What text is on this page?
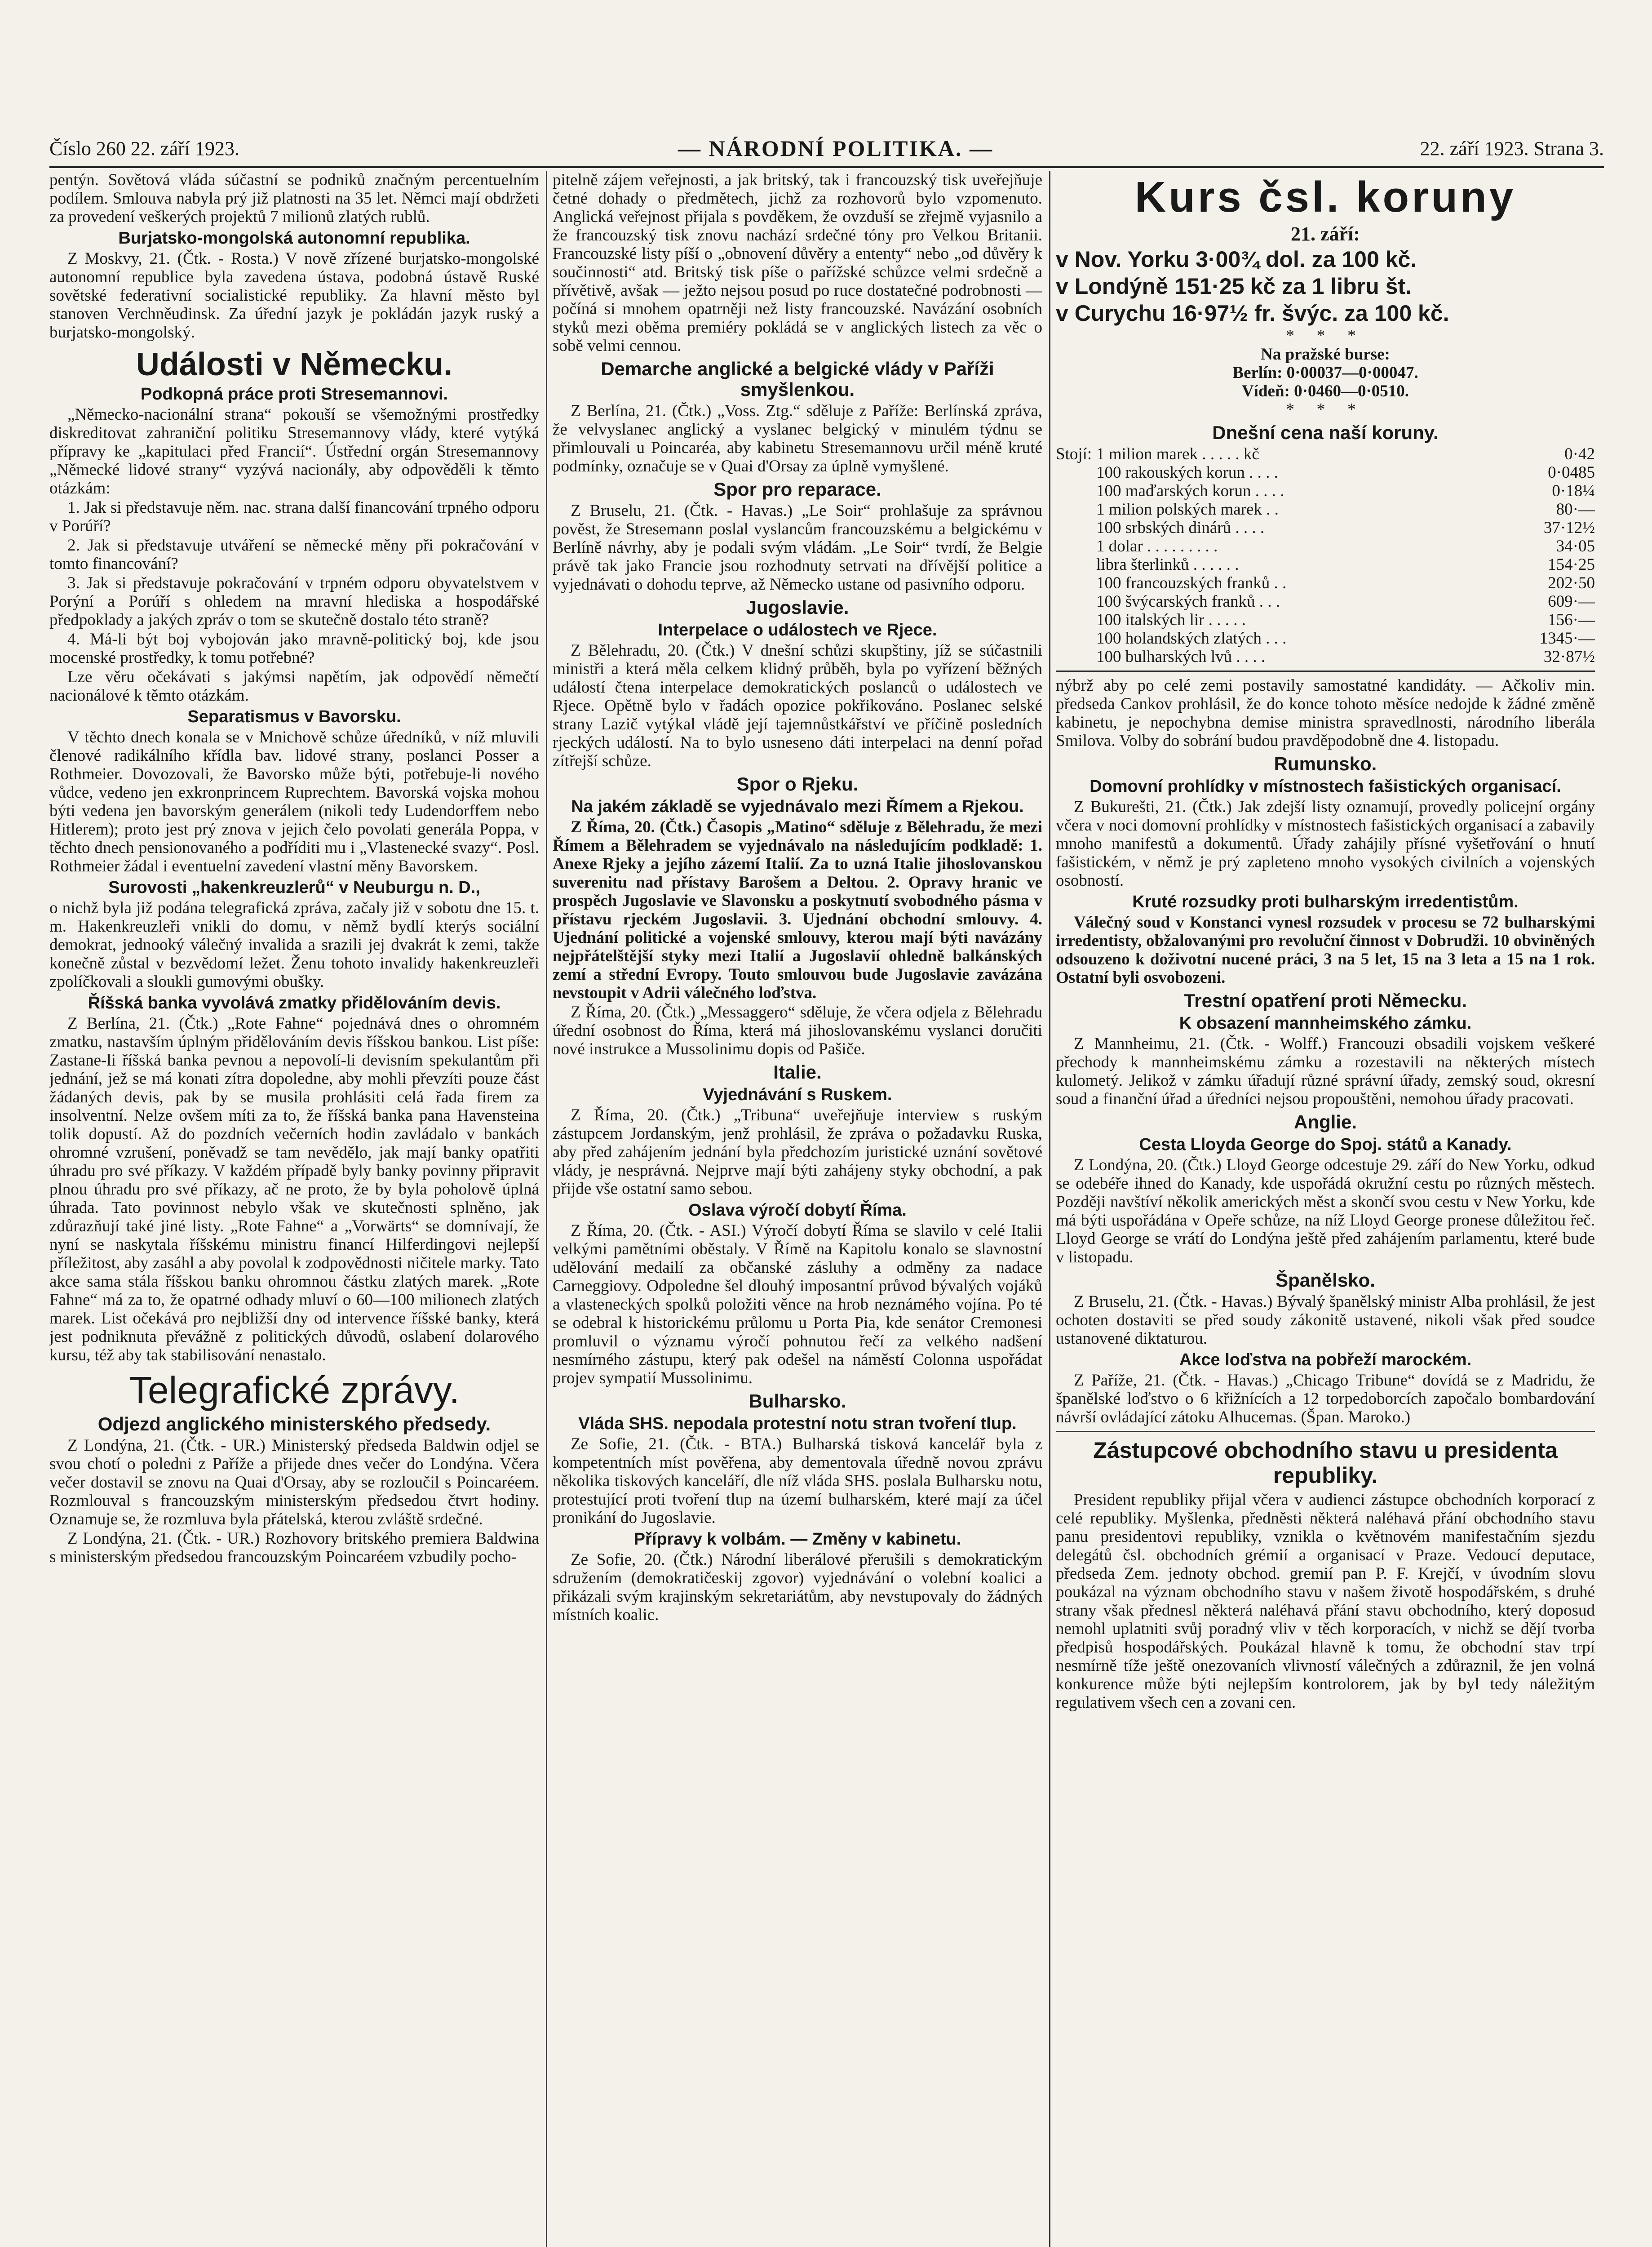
Číslo 260 22. září 1923.	— NÁRODNÍ POLITIKA. —	22. září 1923. Strana 3.

pentýn. Sovětová vláda súčastní se podniků značným percentuelním podílem. Smlouva nabyla prý již platnosti na 35 let. Němci mají obdržeti za provedení veškerých projektů 7 milionů zlatých rublů.

Burjatsko-mongolská autonomní republika.

Z Moskvy, 21. (Čtk. - Rosta.) V nově zřízené burjatsko-mongolské autonomní republice byla zavedena ústava, podobná ústavě Ruské sovětské federativní socialistické republiky. Za hlavní město byl stanoven Verchněudinsk. Za úřední jazyk je pokládán jazyk ruský a burjatsko-mongolský.

Události v Německu.
Podkopná práce proti Stresemannovi.

„Německo-nacionální strana“ pokouší se všemožnými prostředky diskreditovat zahraniční politiku Stresemannovy vlády, které vytýká přípravy ke „kapitulaci před Francií“. Ústřední orgán Stresemannovy „Německé lidové strany“ vyzývá nacionály, aby odpověděli k těmto otázkám:

1. Jak si představuje něm. nac. strana další financování trpného odporu v Porúří?

2. Jak si představuje utváření se německé měny při pokračování v tomto financování?

3. Jak si představuje pokračování v trpném odporu obyvatelstvem v Porýní a Porúří s ohledem na mravní hlediska a hospodářské předpoklady a jakých zpráv o tom se skutečně dostalo této straně?

4. Má-li být boj vybojován jako mravně-politický boj, kde jsou mocenské prostředky, k tomu potřebné?

Lze věru očekávati s jakýmsi napětím, jak odpovědí němečtí nacionálové k těmto otázkám.

Separatismus v Bavorsku.

V těchto dnech konala se v Mnichově schůze úředníků, v níž mluvili členové radikálního křídla bav. lidové strany, poslanci Posser a Rothmeier. Dovozovali, že Bavorsko může býti, potřebuje-li nového vůdce, vedeno jen exkronprincem Ruprechtem. Bavorská vojska mohou býti vedena jen bavorským generálem (nikoli tedy Ludendorffem nebo Hitlerem); proto jest prý znova v jejich čelo povolati generála Poppa, v těchto dnech pensionovaného a podříditi mu i „Vlastenecké svazy“. Posl. Rothmeier žádal i eventuelní zavedení vlastní měny Bavorskem.

Surovosti „hakenkreuzlerů“ v Neuburgu n. D.,

o nichž byla již podána telegrafická zpráva, začaly již v sobotu dne 15. t. m. Hakenkreuzleři vnikli do domu, v němž bydlí kterýs sociální demokrat, jednooký válečný invalida a srazili jej dvakrát k zemi, takže konečně zůstal v bezvědomí ležet. Ženu tohoto invalidy hakenkreuzleři zpolíčkovali a sloukli gumovými obušky.

Říšská banka vyvolává zmatky přidělováním devis.

Z Berlína, 21. (Čtk.) „Rote Fahne“ pojednává dnes o ohromném zmatku, nastavším úplným přidělováním devis říšskou bankou. List píše: Zastane-li říšská banka pevnou a nepovolí-li devisním spekulantům při jednání, jež se má konati zítra dopoledne, aby mohli převzíti pouze část žádaných devis, pak by se musila prohlásiti celá řada firem za insolventní. Nelze ovšem míti za to, že říšská banka pana Havensteina tolik dopustí. Až do pozdních večerních hodin zavládalo v bankách ohromné vzrušení, poněvadž se tam nevědělo, jak mají banky opatřiti úhradu pro své příkazy. V každém případě byly banky povinny připravit plnou úhradu pro své příkazy, ač ne proto, že by byla poholově úplná úhrada. Tato povinnost nebylo však ve skutečnosti splněno, jak zdůrazňují také jiné listy. „Rote Fahne“ a „Vorwärts“ se domnívají, že nyní se naskytala říšskému ministru financí Hilferdingovi nejlepší příležitost, aby zasáhl a aby povolal k zodpovědnosti ničitele marky. Tato akce sama stála říšskou banku ohromnou částku zlatých marek. „Rote Fahne“ má za to, že opatrné odhady mluví o 60—100 milionech zlatých marek. List očekává pro nejbližší dny od intervence říšské banky, která jest podniknuta převážně z politických důvodů, oslabení dolarového kursu, též aby tak stabilisování nenastalo.

Telegrafické zprávy.
Odjezd anglického ministerského předsedy.

Z Londýna, 21. (Čtk. - UR.) Ministerský předseda Baldwin odjel se svou chotí o poledni z Paříže a přijede dnes večer do Londýna. Včera večer dostavil se znovu na Quai d'Orsay, aby se rozloučil s Poincaréem. Rozmlouval s francouzským ministerským předsedou čtvrt hodiny. Oznamuje se, že rozmluva byla přátelská, kterou zvláště srdečné.

Z Londýna, 21. (Čtk. - UR.) Rozhovory britského premiera Baldwina s ministerským předsedou francouzským Poincaréem vzbudily pocho-

pitelně zájem veřejnosti, a jak britský, tak i francouzský tisk uveřejňuje četné dohady o předmětech, jichž za rozhovorů bylo vzpomenuto. Anglická veřejnost přijala s povděkem, že ovzduší se zřejmě vyjasnilo a že francouzský tisk znovu nachází srdečné tóny pro Velkou Britanii. Francouzské listy píší o „obnovení důvěry a ententy“ nebo „od důvěry k součinnosti“ atd. Britský tisk píše o pařížské schůzce velmi srdečně a přívětivě, avšak — ježto nejsou posud po ruce dostatečné podrobnosti — počíná si mnohem opatrněji než listy francouzské. Navázání osobních styků mezi oběma premiéry pokládá se v anglických listech za věc o sobě velmi cennou.

Demarche anglické a belgické vlády v Paříži smyšlenkou.

Z Berlína, 21. (Čtk.) „Voss. Ztg.“ sděluje z Paříže: Berlínská zpráva, že velvyslanec anglický a vyslanec belgický v minulém týdnu se přimlouvali u Poincaréa, aby kabinetu Stresemannovu určil méně kruté podmínky, označuje se v Quai d'Orsay za úplně vymyšlené.

Spor pro reparace.

Z Bruselu, 21. (Čtk. - Havas.) „Le Soir“ prohlašuje za správnou pověst, že Stresemann poslal vyslancům francouzskému a belgickému v Berlíně návrhy, aby je podali svým vládám. „Le Soir“ tvrdí, že Belgie právě tak jako Francie jsou rozhodnuty setrvati na dřívější politice a vyjednávati o dohodu teprve, až Německo ustane od pasivního odporu.

Jugoslavie.
Interpelace o událostech ve Rjece.

Z Bělehradu, 20. (Čtk.) V dnešní schůzi skupštiny, jíž se súčastnili ministři a která měla celkem klidný průběh, byla po vyřízení běžných událostí čtena interpelace demokratických poslanců o událostech ve Rjece. Opětně bylo v řadách opozice pokřikováno. Poslanec selské strany Lazič vytýkal vládě její tajemnůstkářství ve příčině posledních rjeckých událostí. Na to bylo usneseno dáti interpelaci na denní pořad zítřejší schůze.

Spor o Rjeku.
Na jakém základě se vyjednávalo mezi Římem a Rjekou.

Z Říma, 20. (Čtk.) Časopis „Matino“ sděluje z Bělehradu, že mezi Římem a Bělehradem se vyjednávalo na následujícím podkladě: 1. Anexe Rjeky a jejího zázemí Italií. Za to uzná Italie jihoslovanskou suverenitu nad přístavy Barošem a Deltou. 2. Opravy hranic ve prospěch Jugoslavie ve Slavonsku a poskytnutí svobodného pásma v přístavu rjeckém Jugoslavii. 3. Ujednání obchodní smlouvy. 4. Ujednání politické a vojenské smlouvy, kterou mají býti navázány nejpřátelštější styky mezi Italií a Jugoslavií ohledně balkánských zemí a střední Evropy. Touto smlouvou bude Jugoslavie zavázána nevstoupit v Adrii válečného loďstva.

Z Říma, 20. (Čtk.) „Messaggero“ sděluje, že včera odjela z Bělehradu úřední osobnost do Říma, která má jihoslovanskému vyslanci doručiti nové instrukce a Mussolinimu dopis od Pašiče.

Italie.
Vyjednávání s Ruskem.

Z Říma, 20. (Čtk.) „Tribuna“ uveřejňuje interview s ruským zástupcem Jordanským, jenž prohlásil, že zpráva o požadavku Ruska, aby před zahájením jednání byla předchozím juristické uznání sovětové vlády, je nesprávná. Nejprve mají býti zahájeny styky obchodní, a pak přijde vše ostatní samo sebou.

Oslava výročí dobytí Říma.

Z Říma, 20. (Čtk. - ASI.) Výročí dobytí Říma se slavilo v celé Italii velkými pamětními oběstaly. V Římě na Kapitolu konalo se slavnostní udělování medailí za občanské zásluhy a odměny za nadace Carneggiovy. Odpoledne šel dlouhý imposantní průvod bývalých vojáků a vlasteneckých spolků položiti věnce na hrob neznámého vojína. Po té se odebral k historickému průlomu u Porta Pia, kde senátor Cremonesi promluvil o významu výročí pohnutou řečí za velkého nadšení nesmírného zástupu, který pak odešel na náměstí Colonna uspořádat projev sympatií Mussolinimu.

Bulharsko.
Vláda SHS. nepodala protestní notu stran tvoření tlup.

Ze Sofie, 21. (Čtk. - BTA.) Bulharská tisková kancelář byla z kompetentních míst pověřena, aby dementovala úředně novou zprávu několika tiskových kanceláří, dle níž vláda SHS. poslala Bulharsku notu, protestující proti tvoření tlup na území bulharském, které mají za účel pronikání do Jugoslavie.

Přípravy k volbám. — Změny v kabinetu.

Ze Sofie, 20. (Čtk.) Národní liberálové přerušili s demokratickým sdružením (demokratičeskij zgovor) vyjednávání o volební koalici a přikázali svým krajinským sekretariátům, aby nevstupovaly do žádných místních koalic.

Kurs čsl. koruny
21. září:
v Nov. Yorku 3·00¾ dol. za 100 kč.
v Londýně 151·25 kč za 1 libru št.
v Curychu 16·97½ fr. švýc. za 100 kč.
* * *
Na pražské burse:
Berlín: 0·00037—0·00047.
Vídeň: 0·0460—0·0510.
* * *
Dnešní cena naší koruny.
Stojí:	1 milion marek . . . . . kč	0·42
	100 rakouských korun . . . .	0·0485
	100 maďarských korun . . . .	0·18¼
	1 milion polských marek . .	80·—
	100 srbských dinárů . . . .	37·12½
	1 dolar . . . . . . . . .	34·05
	libra šterlinků . . . . . .	154·25
	100 francouzských franků . .	202·50
	100 švýcarských franků . . .	609·—
	100 italských lir . . . . .	156·—
	100 holandských zlatých . . .	1345·—
	100 bulharských lvů . . . .	32·87½

nýbrž aby po celé zemi postavily samostatné kandidáty. — Ačkoliv min. předseda Cankov prohlásil, že do konce tohoto měsíce nedojde k žádné změně kabinetu, je nepochybna demise ministra spravedlnosti, národního liberála Smilova. Volby do sobrání budou pravděpodobně dne 4. listopadu.

Rumunsko.
Domovní prohlídky v místnostech fašistických organisací.

Z Bukurešti, 21. (Čtk.) Jak zdejší listy oznamují, provedly policejní orgány včera v noci domovní prohlídky v místnostech fašistických organisací a zabavily mnoho manifestů a dokumentů. Úřady zahájily přísné vyšetřování o hnutí fašistickém, v němž je prý zapleteno mnoho vysokých civilních a vojenských osobností.

Kruté rozsudky proti bulharským irredentistům.

Válečný soud v Konstanci vynesl rozsudek v procesu se 72 bulharskými irredentisty, obžalovanými pro revoluční činnost v Dobrudži. 10 obviněných odsouzeno k doživotní nucené práci, 3 na 5 let, 15 na 3 leta a 15 na 1 rok. Ostatní byli osvobozeni.

Trestní opatření proti Německu.
K obsazení mannheimského zámku.

Z Mannheimu, 21. (Čtk. - Wolff.) Francouzi obsadili vojskem veškeré přechody k mannheimskému zámku a rozestavili na některých místech kulometý. Jelikož v zámku úřadují různé správní úřady, zemský soud, okresní soud a finanční úřad a úředníci nejsou propouštěni, nemohou úřady pracovati.

Anglie.
Cesta Lloyda George do Spoj. států a Kanady.

Z Londýna, 20. (Čtk.) Lloyd George odcestuje 29. září do New Yorku, odkud se odebéře ihned do Kanady, kde uspořádá okružní cestu po různých městech. Později navštíví několik amerických měst a skončí svou cestu v New Yorku, kde má býti uspořádána v Opeře schůze, na níž Lloyd George pronese důležitou řeč. Lloyd George se vrátí do Londýna ještě před zahájením parlamentu, které bude v listopadu.

Španělsko.

Z Bruselu, 21. (Čtk. - Havas.) Bývalý španělský ministr Alba prohlásil, že jest ochoten dostaviti se před soudy zákonitě ustavené, nikoli však před soudce ustanovené diktaturou.

Akce loďstva na pobřeží marockém.

Z Paříže, 21. (Čtk. - Havas.) „Chicago Tribune“ dovídá se z Madridu, že španělské loďstvo o 6 křižnících a 12 torpedoborcích započalo bombardování návrší ovládající zátoku Alhucemas. (Špan. Maroko.)

Zástupcové obchodního stavu u presidenta republiky.

President republiky přijal včera v audienci zástupce obchodních korporací z celé republiky. Myšlenka, předněsti některá naléhavá přání obchodního stavu panu presidentovi republiky, vznikla o květnovém manifestačním sjezdu delegátů čsl. obchodních grémií a organisací v Praze. Vedoucí deputace, předseda Zem. jednoty obchod. gremií pan P. F. Krejčí, v úvodním slovu poukázal na význam obchodního stavu v našem životě hospodářském, s druhé strany však přednesl některá naléhavá přání stavu obchodního, který doposud nemohl uplatniti svůj poradný vliv v těch korporacích, v nichž se dějí tvorba předpisů hospodářských. Poukázal hlavně k tomu, že obchodní stav trpí nesmírně tíže ještě onezovaních vlivností válečných a zdůraznil, že jen volná konkurence může býti nejlepším kontrolorem, jak by byl tedy náležitým regulativem všech cen a zovani cen.
